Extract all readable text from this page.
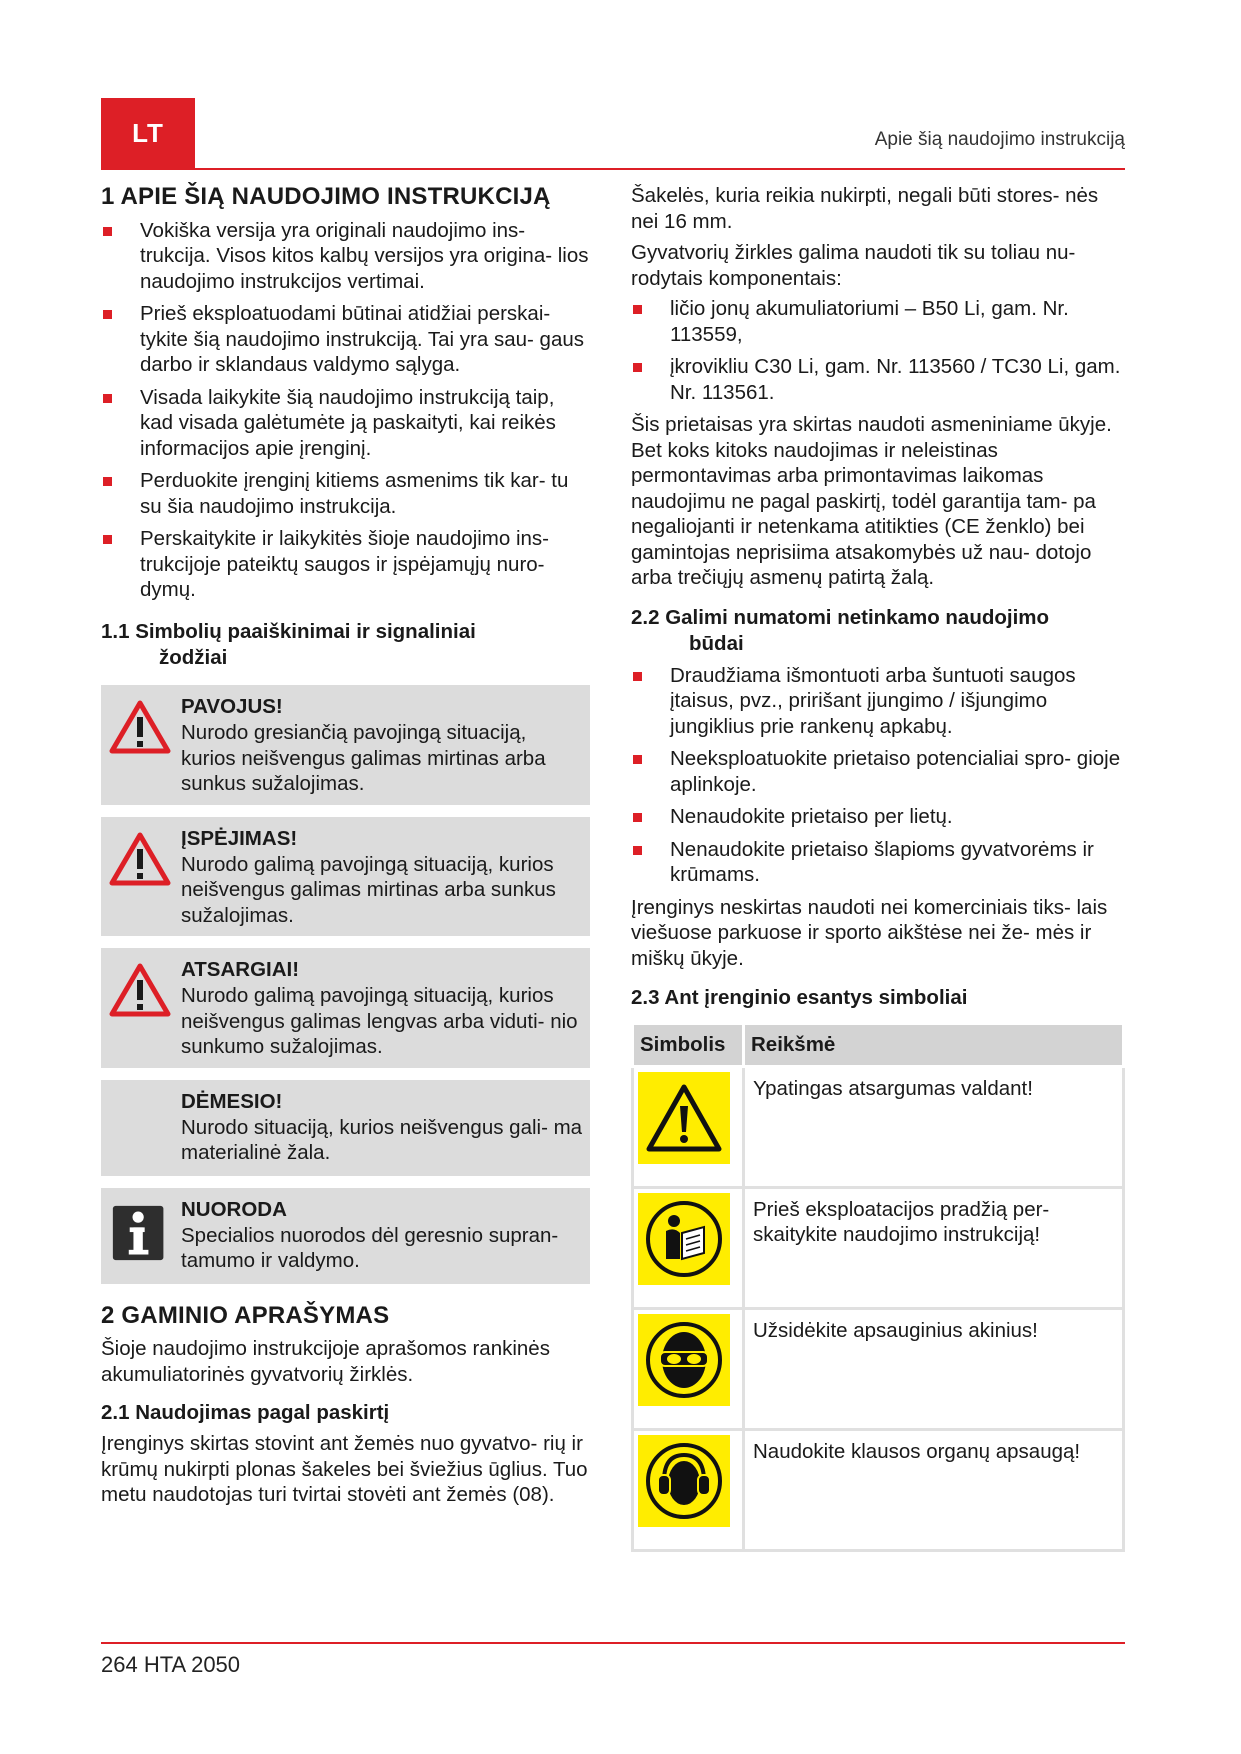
LT	Apie šią naudojimo instrukciją
1 APIE ŠIĄ NAUDOJIMO INSTRUKCIJĄ
Vokiška versija yra originali naudojimo ins- trukcija. Visos kitos kalbų versijos yra origina- lios naudojimo instrukcijos vertimai.
Prieš eksploatuodami būtinai atidžiai perskai- tykite šią naudojimo instrukciją. Tai yra sau- gaus darbo ir sklandaus valdymo sąlyga.
Visada laikykite šią naudojimo instrukciją taip, kad visada galėtumėte ją paskaityti, kai reikės informacijos apie įrenginį.
Perduokite įrenginį kitiems asmenims tik kar- tu su šia naudojimo instrukcija.
Perskaitykite ir laikykitės šioje naudojimo ins- trukcijoje pateiktų saugos ir įspėjamųjų nuro- dymų.
1.1 Simbolių paaiškinimai ir signaliniai
žodžiai
PAVOJUS!
Nurodo gresiančią pavojingą situaciją, kurios neišvengus galimas mirtinas arba sunkus sužalojimas.
ĮSPĖJIMAS!
Nurodo galimą pavojingą situaciją, kurios neišvengus galimas mirtinas arba sunkus sužalojimas.
ATSARGIAI!
Nurodo galimą pavojingą situaciją, kurios neišvengus galimas lengvas arba viduti- nio sunkumo sužalojimas.
DĖMESIO!
Nurodo situaciją, kurios neišvengus gali- ma materialinė žala.
NUORODA
Specialios nuorodos dėl geresnio supran- tamumo ir valdymo.
2 GAMINIO APRAŠYMAS

Šioje naudojimo instrukcijoje aprašomos rankinės akumuliatorinės gyvatvorių žirklės.

2.1 Naudojimas pagal paskirtį

Įrenginys skirtas stovint ant žemės nuo gyvatvo- rių ir krūmų nukirpti plonas šakeles bei šviežius ūglius. Tuo metu naudotojas turi tvirtai stovėti ant žemės (08).

Šakelės, kuria reikia nukirpti, negali būti stores- nės nei 16 mm.

Gyvatvorių žirkles galima naudoti tik su toliau nu- rodytais komponentais:

ličio jonų akumuliatoriumi – B50 Li, gam. Nr. 113559,
įkrovikliu C30 Li, gam. Nr. 113560 / TC30 Li, gam. Nr. 113561.

Šis prietaisas yra skirtas naudoti asmeniniame ūkyje. Bet koks kitoks naudojimas ir neleistinas permontavimas arba primontavimas laikomas naudojimu ne pagal paskirtį, todėl garantija tam- pa negaliojanti ir netenkama atitikties (CE ženklo) bei gamintojas neprisiima atsakomybės už nau- dotojo arba trečiųjų asmenų patirtą žalą.

2.2 Galimi numatomi netinkamo naudojimo
būdai
Draudžiama išmontuoti arba šuntuoti saugos įtaisus, pvz., pririšant įjungimo / išjungimo jungiklius prie rankenų apkabų.
Neeksploatuokite prietaiso potencialiai spro- gioje aplinkoje.
Nenaudokite prietaiso per lietų.
Nenaudokite prietaiso šlapioms gyvatvorėms ir krūmams.

Įrenginys neskirtas naudoti nei komerciniais tiks- lais viešuose parkuose ir sporto aikštėse nei že- mės ir miškų ūkyje.

2.3 Ant įrenginio esantys simboliai
Simbolis	Reikšmė

	Ypatingas atsargumas valdant!

	Prieš eksploatacijos pradžią per- skaitykite naudojimo instrukciją!

	Užsidėkite apsauginius akinius!

	Naudokite klausos organų apsaugą!
264 HTA 2050
